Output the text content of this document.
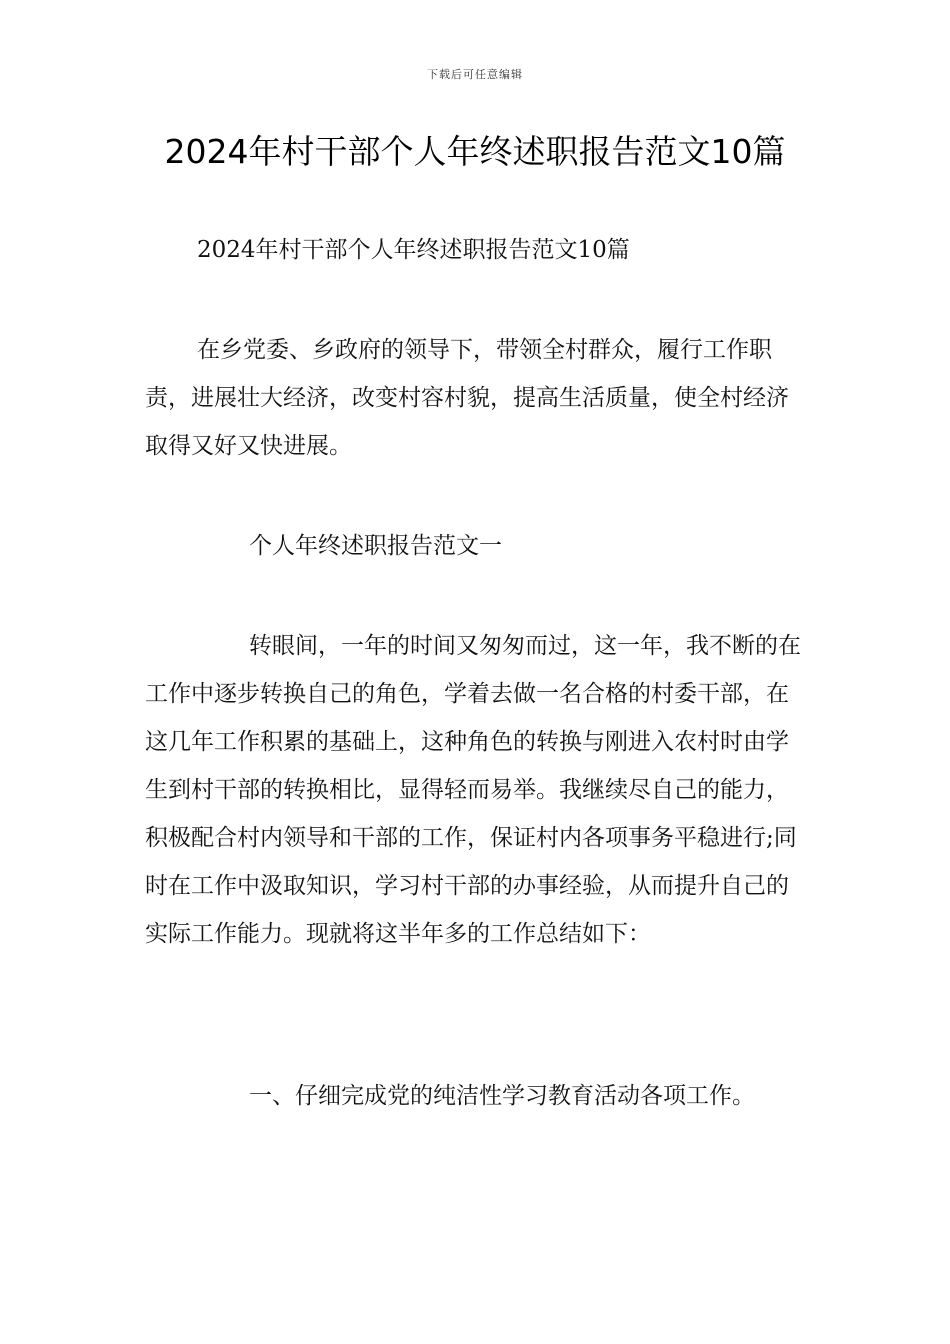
下载后可任意编辑
2024年村干部个人年终述职报告范文10篇

2024年村干部个人年终述职报告范文10篇

在乡党委、乡政府的领导下，带领全村群众，履行工作职责，进展壮大经济，改变村容村貌，提高生活质量，使全村经济取得又好又快进展。

个人年终述职报告范文一

转眼间，一年的时间又匆匆而过，这一年，我不断的在工作中逐步转换自己的角色，学着去做一名合格的村委干部，在这几年工作积累的基础上，这种角色的转换与刚进入农村时由学生到村干部的转换相比，显得轻而易举。我继续尽自己的能力，积极配合村内领导和干部的工作，保证村内各项事务平稳进行;同时在工作中汲取知识，学习村干部的办事经验，从而提升自己的实际工作能力。现就将这半年多的工作总结如下：

一、仔细完成党的纯洁性学习教育活动各项工作。
